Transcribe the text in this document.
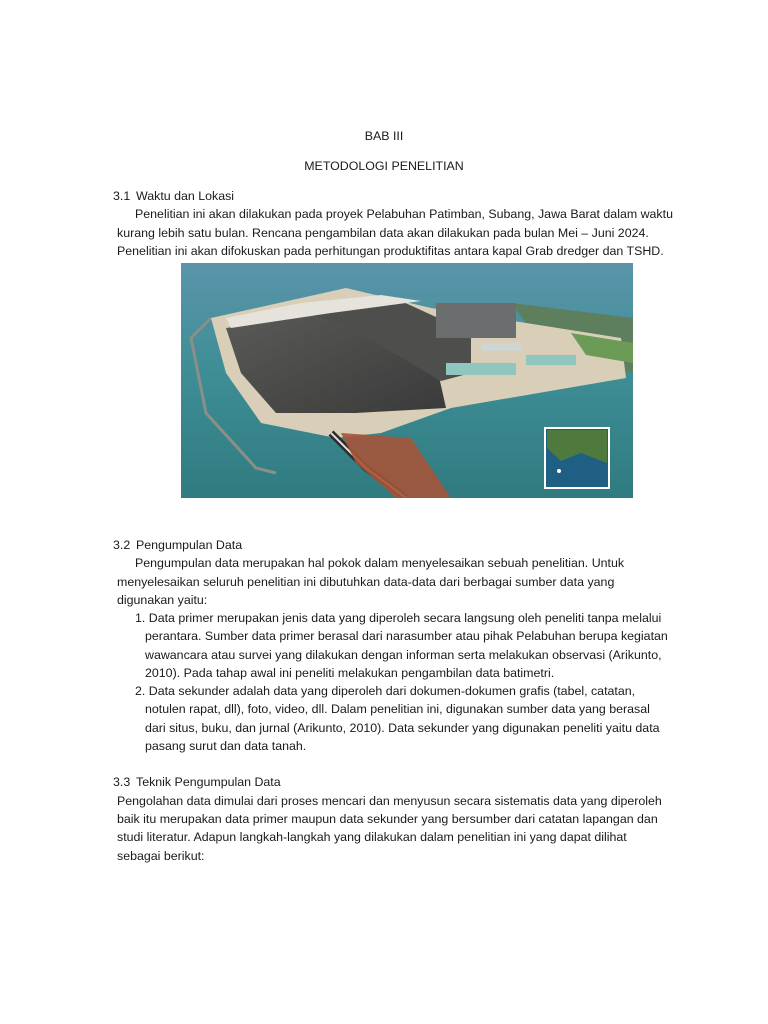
BAB III
METODOLOGI PENELITIAN
3.1 Waktu dan Lokasi
Penelitian ini akan dilakukan pada proyek Pelabuhan Patimban, Subang, Jawa Barat dalam waktu
kurang lebih satu bulan. Rencana pengambilan data akan dilakukan pada bulan Mei – Juni 2024.
Penelitian ini akan difokuskan pada perhitungan produktifitas antara kapal Grab dredger dan TSHD.
3.2 Pengumpulan Data
Pengumpulan data merupakan hal pokok dalam menyelesaikan sebuah penelitian. Untuk
menyelesaikan seluruh penelitian ini dibutuhkan data-data dari berbagai sumber data yang
digunakan yaitu:
1. Data primer merupakan jenis data yang diperoleh secara langsung oleh peneliti tanpa melalui
perantara. Sumber data primer berasal dari narasumber atau pihak Pelabuhan berupa kegiatan
wawancara atau survei yang dilakukan dengan informan serta melakukan observasi (Arikunto,
2010). Pada tahap awal ini peneliti melakukan pengambilan data batimetri.
2. Data sekunder adalah data yang diperoleh dari dokumen-dokumen grafis (tabel, catatan,
notulen rapat, dll), foto, video, dll. Dalam penelitian ini, digunakan sumber data yang berasal
dari situs, buku, dan jurnal (Arikunto, 2010). Data sekunder yang digunakan peneliti yaitu data
pasang surut dan data tanah.
3.3 Teknik Pengumpulan Data
Pengolahan data dimulai dari proses mencari dan menyusun secara sistematis data yang diperoleh
baik itu merupakan data primer maupun data sekunder yang bersumber dari catatan lapangan dan
studi literatur. Adapun langkah-langkah yang dilakukan dalam penelitian ini yang dapat dilihat
sebagai berikut:
